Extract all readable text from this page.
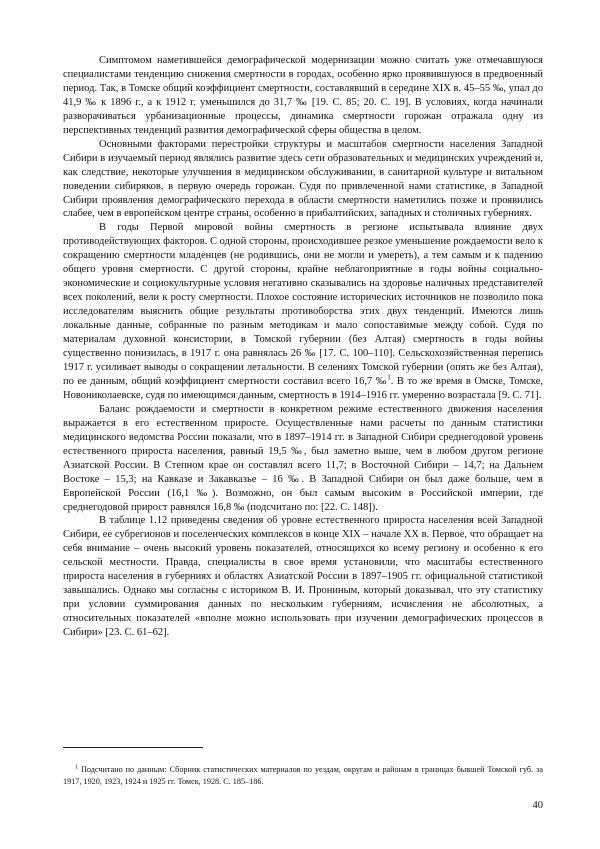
Симптомом наметившейся демографической модернизации можно считать уже отмечавшуюся специалистами тенденцию снижения смертности в городах, особенно ярко проявившуюся в предвоенный период. Так, в Томске общий коэффициент смертности, составлявший в середине XIX в. 45–55 ‰, упал до 41,9 ‰ к 1896 г., а к 1912 г. уменьшился до 31,7 ‰ [19. С. 85; 20. С. 19]. В условиях, когда начинали разворачиваться урбанизационные процессы, динамика смертности горожан отражала одну из перспективных тенденций развития демографической сферы общества в целом.

Основными факторами перестройки структуры и масштабов смертности населения Западной Сибири в изучаемый период являлись развитие здесь сети образовательных и медицинских учреждений и, как следствие, некоторые улучшения в медицинском обслуживании, в санитарной культуре и витальном поведении сибиряков, в первую очередь горожан. Судя по привлеченной нами статистике, в Западной Сибири проявления демографического перехода в области смертности наметились позже и проявились слабее, чем в европейском центре страны, особенно в прибалтийских, западных и столичных губерниях.

В годы Первой мировой войны смертность в регионе испытывала влияние двух противодействующих факторов. С одной стороны, происходившее резкое уменьшение рождаемости вело к сокращению смертности младенцев (не родившись, они не могли и умереть), а тем самым и к падению общего уровня смертности. С другой стороны, крайне неблагоприятные в годы войны социально-экономические и социокультурные условия негативно сказывались на здоровье наличных представителей всех поколений, вели к росту смертности. Плохое состояние исторических источников не позволило пока исследователям выяснить общие результаты противоборства этих двух тенденций. Имеются лишь локальные данные, собранные по разным методикам и мало сопоставимые между собой. Судя по материалам духовной консистории, в Томской губернии (без Алтая) смертность в годы войны существенно понизилась, в 1917 г. она равнялась 26 ‰ [17. С. 100–110]. Сельскохозяйственная перепись 1917 г. усиливает выводы о сокращении летальности. В селениях Томской губернии (опять же без Алтая), по ее данным, общий коэффициент смертности составил всего 16,7 ‰$^1$. В то же время в Омске, Томске, Новониколаевске, судя по имеющимся данным, смертность в 1914–1916 гг. умеренно возрастала [9. С. 71].

Баланс рождаемости и смертности в конкретном режиме естественного движения населения выражается в его естественном приросте. Осуществленные нами расчеты по данным статистики медицинского ведомства России показали, что в 1897–1914 гг. в Западной Сибири среднегодовой уровень естественного прироста населения, равный 19,5 ‰, был заметно выше, чем в любом другом регионе Азиатской России. В Степном крае он составлял всего 11,7; в Восточной Сибири – 14,7; на Дальнем Востоке – 15,3; на Кавказе и Закавказье – 16 ‰. В Западной Сибири он был даже больше, чем в Европейской России (16,1 ‰). Возможно, он был самым высоким в Российской империи, где среднегодовой прирост равнялся 16,8 ‰ (подсчитано по: [22. С. 148]).

В таблице 1.12 приведены сведения об уровне естественного прироста населения всей Западной Сибири, ее субрегионов и поселенческих комплексов в конце XIX – начале XX в. Первое, что обращает на себя внимание – очень высокий уровень показателей, относящихся ко всему региону и особенно к его сельской местности. Правда, специалисты в свое время установили, что масштабы естественного прироста населения в губерниях и областях Азиатской России в 1897–1905 гг. официальной статистикой завышались. Однако мы согласны с историком В. И. Прониным, который доказывал, что эту статистику при условии суммирования данных по нескольким губерниям, исчисления не абсолютных, а относительных показателей «вполне можно использовать при изучении демографических процессов в Сибири» [23. С. 61–62].

$^1$ Подсчитано по данным: Сборник статистических материалов по уездам, округам и районам в границах бывшей Томской губ. за 1917, 1920, 1923, 1924 и 1925 гг. Томск, 1928. С. 185–186.

40
